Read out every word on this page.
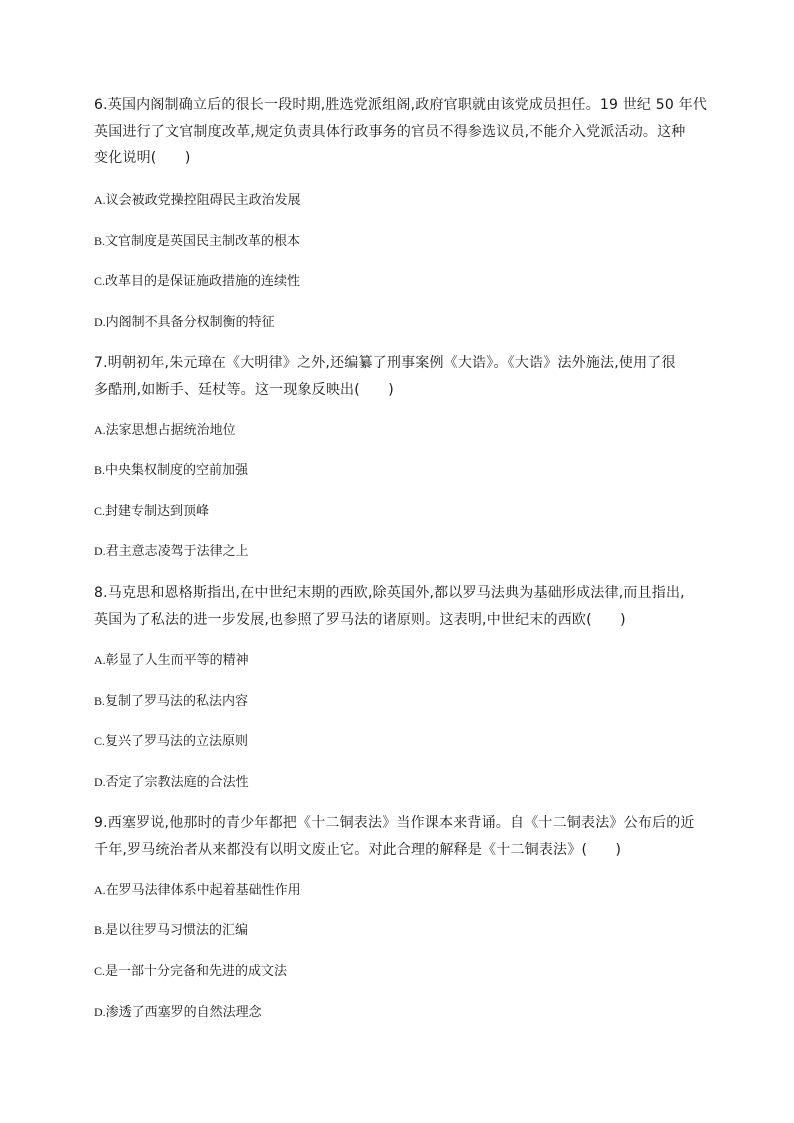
6.英国内阁制确立后的很长一段时期,胜选党派组阁,政府官职就由该党成员担任。19 世纪 50 年代
英国进行了文官制度改革,规定负责具体行政事务的官员不得参选议员,不能介入党派活动。这种
变化说明(　　)

A.议会被政党操控阻碍民主政治发展
B.文官制度是英国民主制改革的根本
C.改革目的是保证施政措施的连续性
D.内阁制不具备分权制衡的特征

7.明朝初年,朱元璋在《大明律》之外,还编纂了刑事案例《大诰》。《大诰》法外施法,使用了很
多酷刑,如断手、廷杖等。这一现象反映出(　　)

A.法家思想占据统治地位
B.中央集权制度的空前加强
C.封建专制达到顶峰
D.君主意志凌驾于法律之上

8.马克思和恩格斯指出,在中世纪末期的西欧,除英国外,都以罗马法典为基础形成法律,而且指出,
英国为了私法的进一步发展,也参照了罗马法的诸原则。这表明,中世纪末的西欧(　　)

A.彰显了人生而平等的精神
B.复制了罗马法的私法内容
C.复兴了罗马法的立法原则
D.否定了宗教法庭的合法性

9.西塞罗说,他那时的青少年都把《十二铜表法》当作课本来背诵。自《十二铜表法》公布后的近
千年,罗马统治者从来都没有以明文废止它。对此合理的解释是《十二铜表法》(　　)

A.在罗马法律体系中起着基础性作用
B.是以往罗马习惯法的汇编
C.是一部十分完备和先进的成文法
D.渗透了西塞罗的自然法理念
